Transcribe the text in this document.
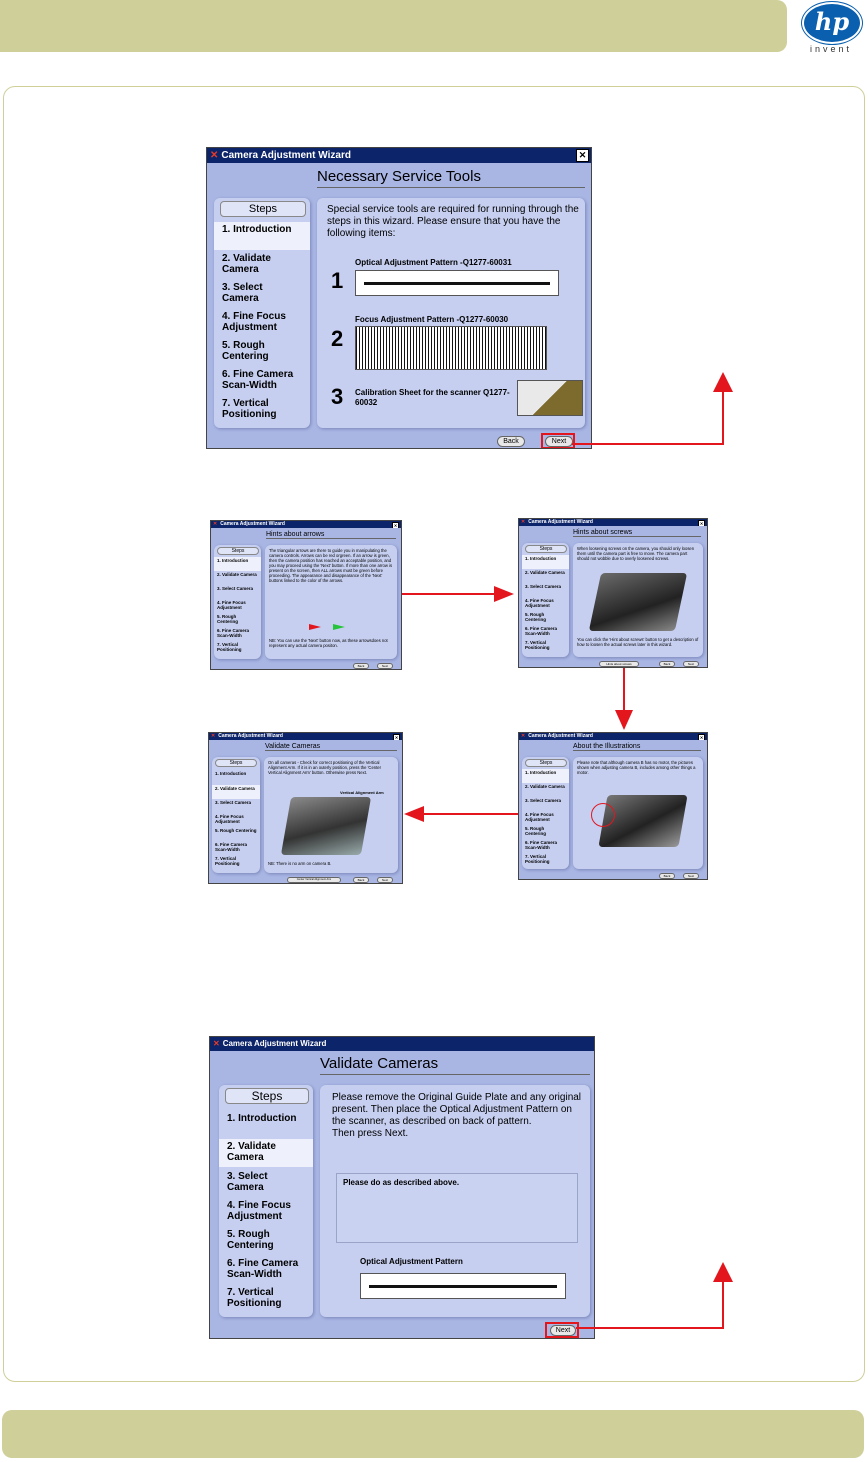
hp
invent
✕ Camera Adjustment Wizard	✕
Necessary Service Tools
Steps
1. Introduction
2. Validate Camera
3. Select Camera
4. Fine Focus Adjustment
5. Rough Centering
6. Fine Camera Scan-Width
7. Vertical Positioning
Special service tools are required for running through the steps in this wizard. Please ensure that you have the following items:
1
Optical Adjustment Pattern -Q1277-60031
2
Focus Adjustment Pattern -Q1277-60030
3 Calibration Sheet for the scanner Q1277-60032
Back	Next
✕ Camera Adjustment Wizard	✕
Hints about arrows
Steps
1. Introduction
2. Validate Camera
3. Select Camera
4. Fine Focus Adjustment
5. Rough Centering
6. Fine Camera Scan-Width
7. Vertical Positioning
The triangular arrows are there to guide you in manipulating the camera controls. Arrows can be red orgreen. If an arrow is green, then the camera position has reached an acceptable position, and you may proceed using the 'Next' button. If more than one arrow is present on the screen, then ALL arrows must be green before proceeding. The appearance and disappearance of the 'Next' buttons linked to the color of the arrows.
NB: You can use the 'Next' button now, as these arrowsdoes not represent any actual camera positon.
Back	Next
✕ Camera Adjustment Wizard	✕
Hints about screws
Steps
1. Introduction
2. Validate Camera
3. Select Camera
4. Fine Focus Adjustment
5. Rough Centering
6. Fine Camera Scan-Width
7. Vertical Positioning
When loosening screws on the camera, you should only loosen them until the camera part is free to move. The camera part should not wobble due to overly loosened screws.
You can click the 'Hint about screws' button to get a description of how to loosen the actual screws later in this wizard.
Hints about screws	Back	Next
✕ Camera Adjustment Wizard	✕
About the Illustrations
Steps
1. Introduction
2. Validate Camera
3. Select Camera
4. Fine Focus Adjustment
5. Rough Centering
6. Fine Camera Scan-Width
7. Vertical Positioning
Please note that although camera B has no motor, the pictures shown when adjusting camera B, includes among other things a motor.
Back	Next
✕ Camera Adjustment Wizard	✕
Validate Cameras
Steps
1. Introduction
2. Validate Camera
3. Select Camera
4. Fine Focus Adjustment
5. Rough Centering
6. Fine Camera Scan-Width
7. Vertical Positioning
On all cameras - Check for correct positioning of the Vertical Alignment Arm. If it is in an outerly position, press the 'Center Vertical Alignment Arm' button. Otherwise press Next.
Vertical Alignment Arm
NB: There is no arm on camera B.
Center Vertical Alignment Arm	Back	Next
✕ Camera Adjustment Wizard
Validate Cameras
Steps
1. Introduction
2. Validate Camera
3. Select Camera
4. Fine Focus Adjustment
5. Rough Centering
6. Fine Camera Scan-Width
7. Vertical Positioning
Please remove the Original Guide Plate and any original present. Then place the Optical Adjustment Pattern on the scanner, as described on back of pattern.
Then press Next.
Please do as described above.
Optical Adjustment Pattern
Next
